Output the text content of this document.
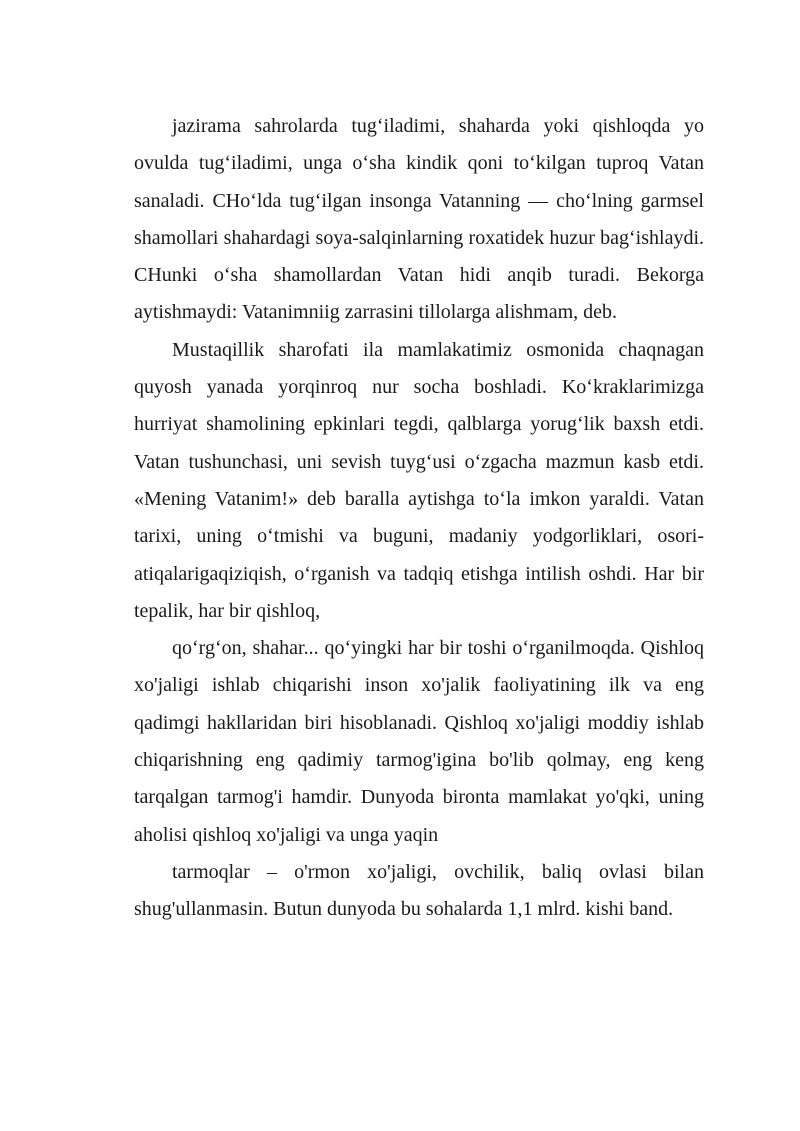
jazirama sahrolarda tug‘iladimi, shaharda yoki qishloqda yo ovulda tug‘iladimi, unga o‘sha kindik qoni to‘kilgan tuproq Vatan sanaladi. CHo‘lda tug‘ilgan insonga Vatanning — cho‘lning garmsel shamollari shahardagi soya-salqinlarning roxatidek huzur bag‘ishlaydi. CHunki o‘sha shamollardan Vatan hidi anqib turadi. Bekorga aytishmaydi: Vatanimniig zarrasini tillolarga alishmam, deb.

Mustaqillik sharofati ila mamlakatimiz osmonida chaqnagan quyosh yanada yorqinroq nur socha boshladi. Ko‘kraklarimizga hurriyat shamolining epkinlari tegdi, qalblarga yorug‘lik baxsh etdi. Vatan tushunchasi, uni sevish tuyg‘usi o‘zgacha mazmun kasb etdi. «Mening Vatanim!» deb baralla aytishga to‘la imkon yaraldi. Vatan tarixi, uning o‘tmishi va buguni, madaniy yodgorliklari, osori-atiqalarigaqiziqish, o‘rganish va tadqiq etishga intilish oshdi. Har bir tepalik, har bir qishloq,

qo‘rg‘on, shahar... qo‘yingki har bir toshi o‘rganilmoqda. Qishloq xo'jaligi ishlab chiqarishi inson xo'jalik faoliyatining ilk va eng qadimgi hakllaridan biri hisoblanadi. Qishloq xo'jaligi moddiy ishlab chiqarishning eng qadimiy tarmog'igina bo'lib qolmay, eng keng tarqalgan tarmog'i hamdir. Dunyoda bironta mamlakat yo'qki, uning aholisi qishloq xo'jaligi va unga yaqin

tarmoqlar – o'rmon xo'jaligi, ovchilik, baliq ovlasi bilan shug'ullanmasin. Butun dunyoda bu sohalarda 1,1 mlrd. kishi band.
